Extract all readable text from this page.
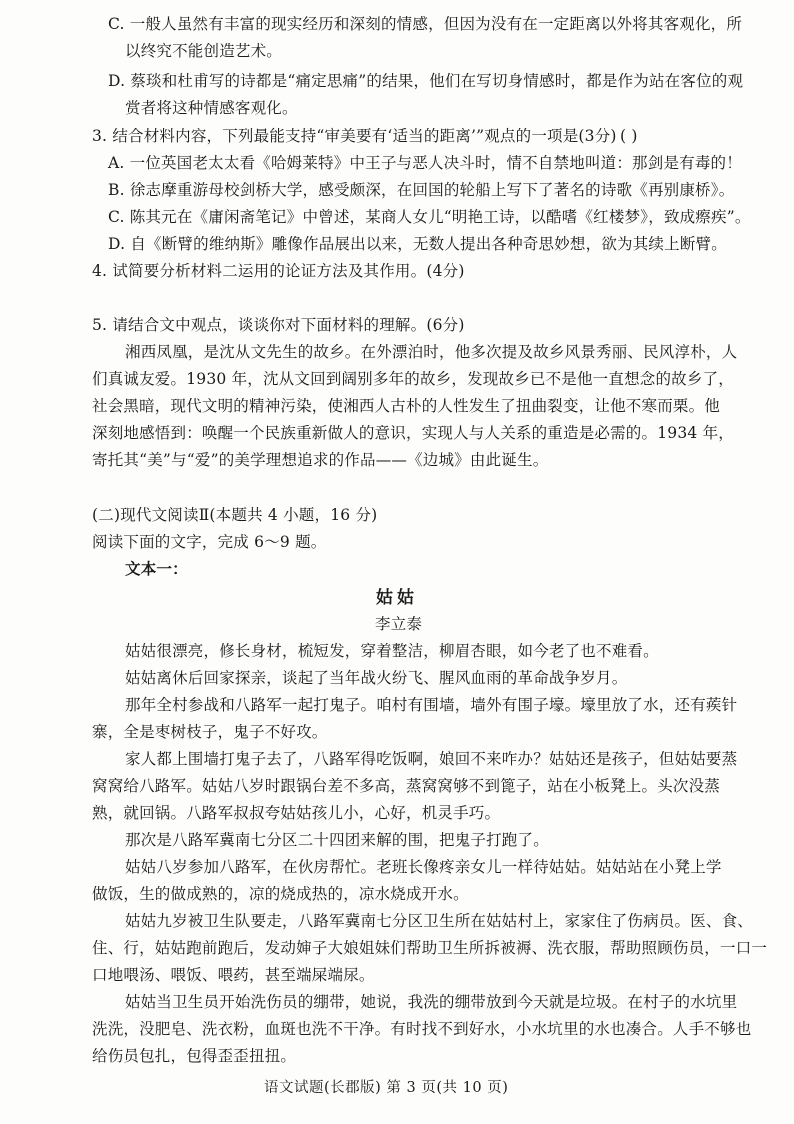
C. 一般人虽然有丰富的现实经历和深刻的情感，但因为没有在一定距离以外将其客观化，所
以终究不能创造艺术。
D. 蔡琰和杜甫写的诗都是“痛定思痛”的结果，他们在写切身情感时，都是作为站在客位的观
赏者将这种情感客观化。
3. 结合材料内容，下列最能支持“审美要有‘适当的距离’”观点的一项是(3分) ( )
A. 一位英国老太太看《哈姆莱特》中王子与恶人决斗时，情不自禁地叫道：那剑是有毒的！
B. 徐志摩重游母校剑桥大学，感受颇深，在回国的轮船上写下了著名的诗歌《再别康桥》。
C. 陈其元在《庸闲斋笔记》中曾述，某商人女儿“明艳工诗，以酷嗜《红楼梦》，致成瘵疾”。
D. 自《断臂的维纳斯》雕像作品展出以来，无数人提出各种奇思妙想，欲为其续上断臂。
4. 试简要分析材料二运用的论证方法及其作用。(4分)
5. 请结合文中观点，谈谈你对下面材料的理解。(6分)
湘西凤凰，是沈从文先生的故乡。在外漂泊时，他多次提及故乡风景秀丽、民风淳朴，人
们真诚友爱。1930 年，沈从文回到阔别多年的故乡，发现故乡已不是他一直想念的故乡了，
社会黑暗，现代文明的精神污染，使湘西人古朴的人性发生了扭曲裂变，让他不寒而栗。他
深刻地感悟到：唤醒一个民族重新做人的意识，实现人与人关系的重造是必需的。1934 年，
寄托其“美”与“爱”的美学理想追求的作品——《边城》由此诞生。
(二)现代文阅读Ⅱ(本题共 4 小题，16 分)
阅读下面的文字，完成 6～9 题。
文本一：
姑姑
李立泰
姑姑很漂亮，修长身材，梳短发，穿着整洁，柳眉杏眼，如今老了也不难看。
姑姑离休后回家探亲，谈起了当年战火纷飞、腥风血雨的革命战争岁月。
那年全村参战和八路军一起打鬼子。咱村有围墙，墙外有围子壕。壕里放了水，还有蒺针
寨，全是枣树枝子，鬼子不好攻。
家人都上围墙打鬼子去了，八路军得吃饭啊，娘回不来咋办？姑姑还是孩子，但姑姑要蒸
窝窝给八路军。姑姑八岁时跟锅台差不多高，蒸窝窝够不到篦子，站在小板凳上。头次没蒸
熟，就回锅。八路军叔叔夸姑姑孩儿小，心好，机灵手巧。
那次是八路军冀南七分区二十四团来解的围，把鬼子打跑了。
姑姑八岁参加八路军，在伙房帮忙。老班长像疼亲女儿一样待姑姑。姑姑站在小凳上学
做饭，生的做成熟的，凉的烧成热的，凉水烧成开水。
姑姑九岁被卫生队要走，八路军冀南七分区卫生所在姑姑村上，家家住了伤病员。医、食、
住、行，姑姑跑前跑后，发动婶子大娘姐妹们帮助卫生所拆被褥、洗衣服，帮助照顾伤员，一口一
口地喂汤、喂饭、喂药，甚至端屎端尿。
姑姑当卫生员开始洗伤员的绷带，她说，我洗的绷带放到今天就是垃圾。在村子的水坑里
洗洗，没肥皂、洗衣粉，血斑也洗不干净。有时找不到好水，小水坑里的水也凑合。人手不够也
给伤员包扎，包得歪歪扭扭。
语文试题(长郡版) 第 3 页(共 10 页)
